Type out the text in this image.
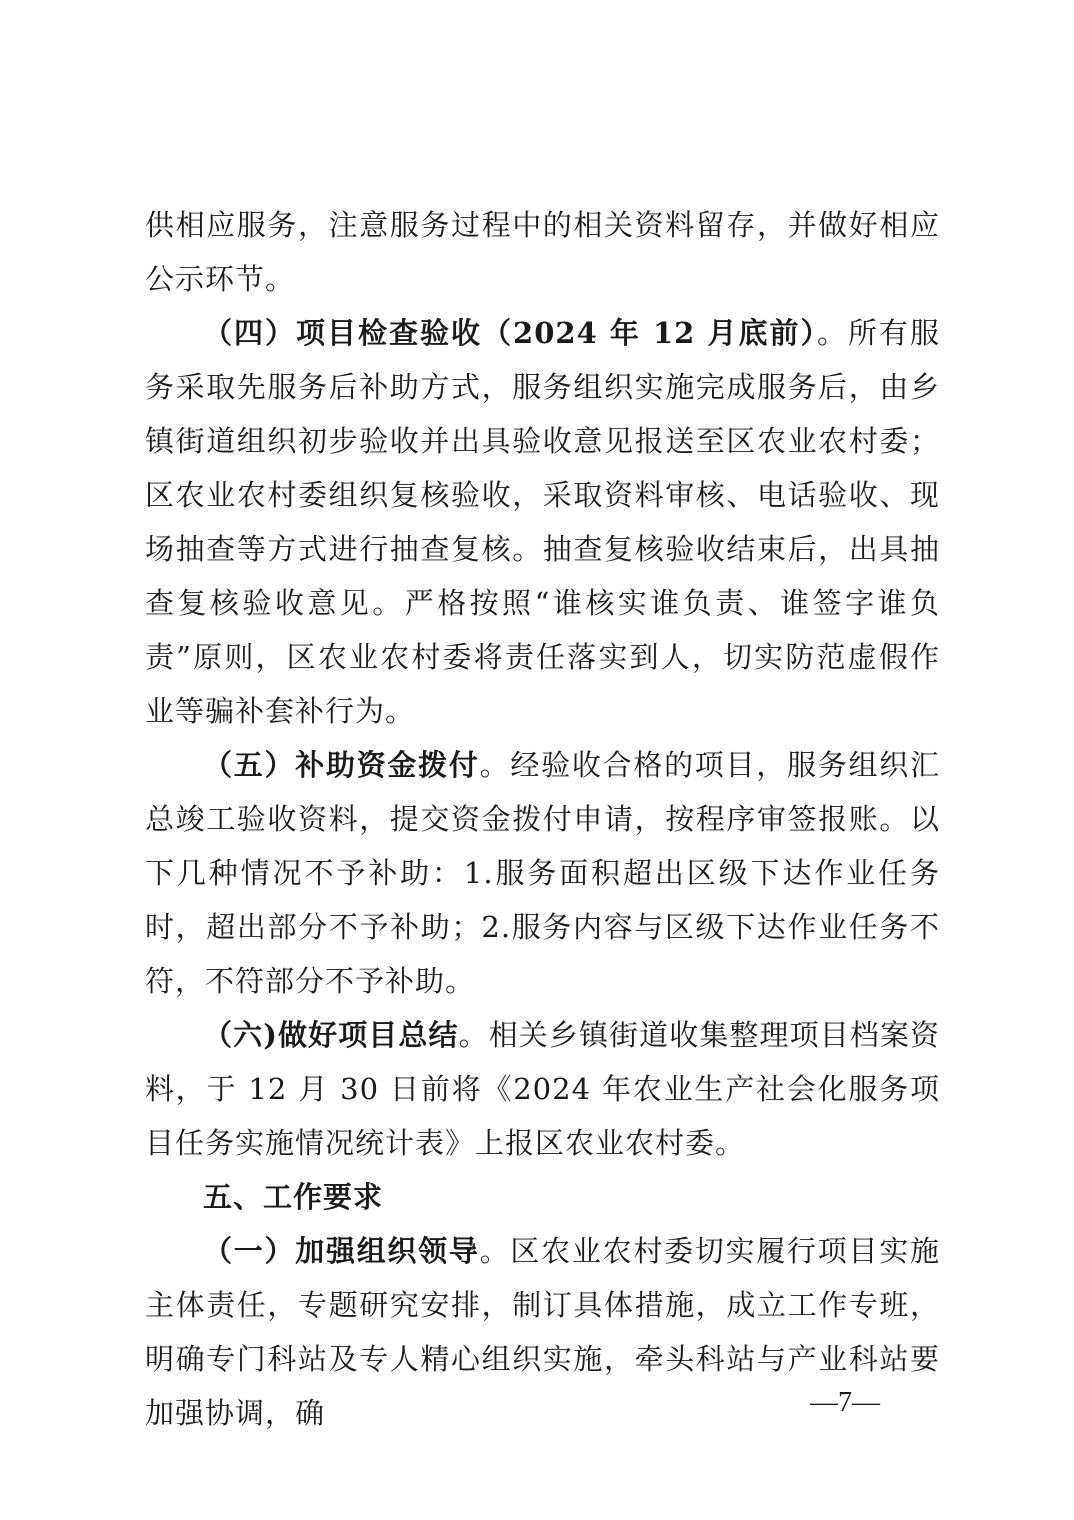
供相应服务，注意服务过程中的相关资料留存，并做好相应公示环节。

（四）项目检查验收（2024 年 12 月底前）。所有服务采取先服务后补助方式，服务组织实施完成服务后，由乡镇街道组织初步验收并出具验收意见报送至区农业农村委；区农业农村委组织复核验收，采取资料审核、电话验收、现场抽查等方式进行抽查复核。抽查复核验收结束后，出具抽查复核验收意见。严格按照“谁核实谁负责、谁签字谁负责”原则，区农业农村委将责任落实到人，切实防范虚假作业等骗补套补行为。

（五）补助资金拨付。经验收合格的项目，服务组织汇总竣工验收资料，提交资金拨付申请，按程序审签报账。以下几种情况不予补助：1.服务面积超出区级下达作业任务时，超出部分不予补助；2.服务内容与区级下达作业任务不符，不符部分不予补助。

（六)做好项目总结。相关乡镇街道收集整理项目档案资料，于 12 月 30 日前将《2024 年农业生产社会化服务项目任务实施情况统计表》上报区农业农村委。

五、工作要求

（一）加强组织领导。区农业农村委切实履行项目实施主体责任，专题研究安排，制订具体措施，成立工作专班，明确专门科站及专人精心组织实施，牵头科站与产业科站要加强协调，确	—7—
